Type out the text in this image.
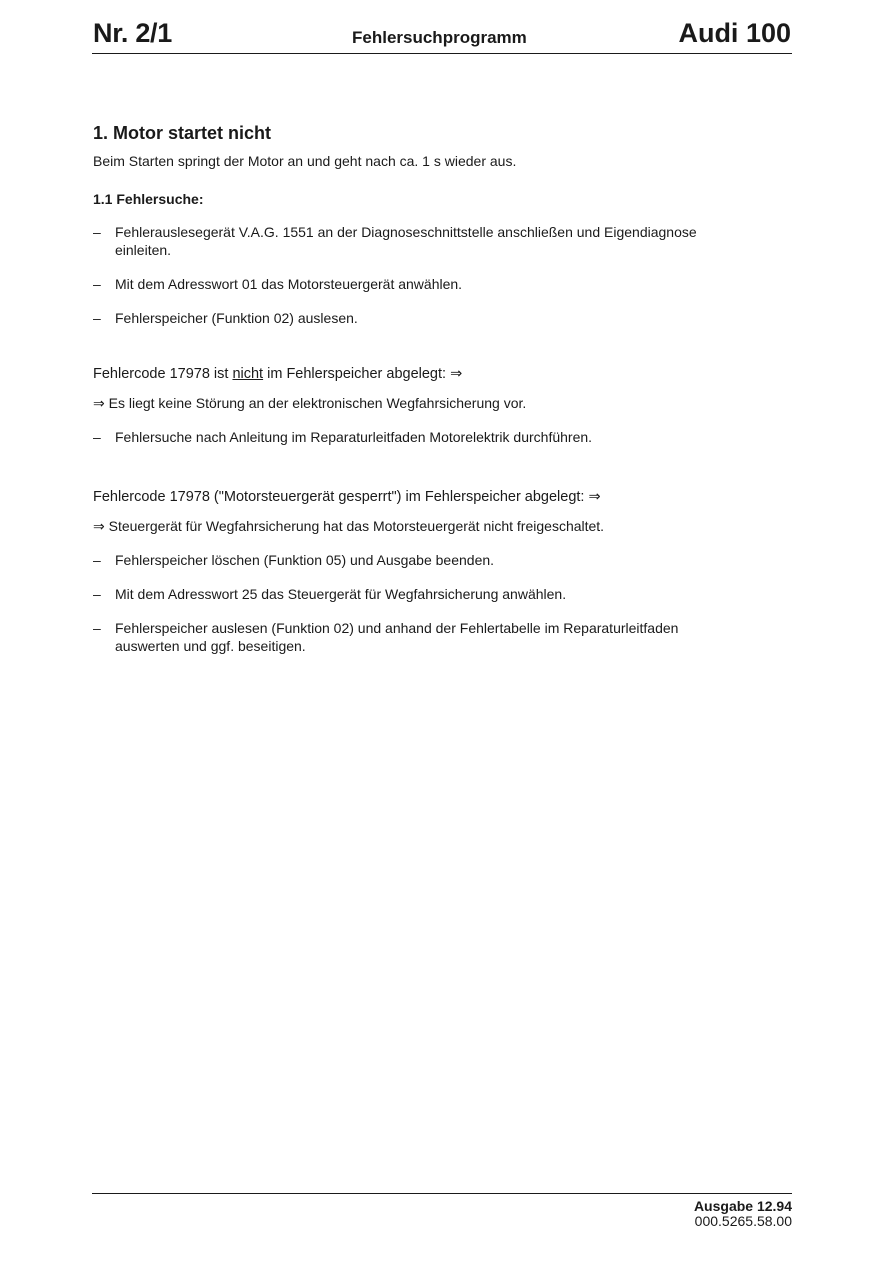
Nr. 2/1	Fehlersuchprogramm	Audi 100
1. Motor startet nicht

Beim Starten springt der Motor an und geht nach ca. 1 s wieder aus.

1.1 Fehlersuche:
– Fehlerauslesegerät V.A.G. 1551 an der Diagnoseschnittstelle anschließen und Eigendiagnose einleiten.
– Mit dem Adresswort 01 das Motorsteuergerät anwählen.
– Fehlerspeicher (Funktion 02) auslesen.
Fehlercode 17978 ist nicht im Fehlerspeicher abgelegt: ⇒
⇒ Es liegt keine Störung an der elektronischen Wegfahrsicherung vor.
– Fehlersuche nach Anleitung im Reparaturleitfaden Motorelektrik durchführen.
Fehlercode 17978 ("Motorsteuergerät gesperrt") im Fehlerspeicher abgelegt: ⇒
⇒ Steuergerät für Wegfahrsicherung hat das Motorsteuergerät nicht freigeschaltet.
– Fehlerspeicher löschen (Funktion 05) und Ausgabe beenden.
– Mit dem Adresswort 25 das Steuergerät für Wegfahrsicherung anwählen.
– Fehlerspeicher auslesen (Funktion 02) und anhand der Fehlertabelle im Reparaturleitfaden auswerten und ggf. beseitigen.
Ausgabe 12.94
000.5265.58.00
